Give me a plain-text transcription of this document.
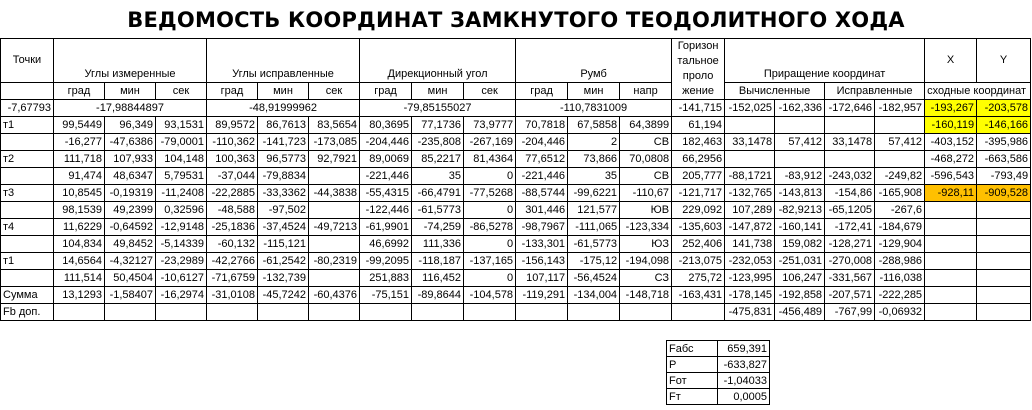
ВЕДОМОСТЬ КООРДИНАТ ЗАМКНУТОГО ТЕОДОЛИТНОГО ХОДА
Точки	Углы измеренные			Углы исправленные			Дирекционный угол			Румб			Горизон
тальное
проло
жение	Приращение координат				X	Y

	град	мин	сек	град	мин	сек	град	мин	сек	град	мин	напр		Вычисленные		Исправленные		сходные координат	
-7,67793	-17,98844897			-48,91999962			-79,85155027			-110,7831009			-141,715	-152,025	-162,336	-172,646	-182,957	-193,267	-203,578
т1	99,5449	96,349	93,1531	89,9572	86,7613	83,5654	80,3695	77,1736	73,9777	70,7818	67,5858	64,3899	61,194					-160,119	-146,166
	-16,277	-47,6386	-79,0001	-110,362	-141,723	-173,085	-204,446	-235,808	-267,169	-204,446	2	СВ	182,463	33,1478	57,412	33,1478	57,412	-403,152	-395,986
т2	111,718	107,933	104,148	100,363	96,5773	92,7921	89,0069	85,2217	81,4364	77,6512	73,866	70,0808	66,2956					-468,272	-663,586
	91,474	48,6347	5,79531	-37,044	-79,8834		-221,446	35	0	-221,446	35	СВ	205,777	-88,1721	-83,912	-243,032	-249,82	-596,543	-793,49
т3	10,8545	-0,19319	-11,2408	-22,2885	-33,3362	-44,3838	-55,4315	-66,4791	-77,5268	-88,5744	-99,6221	-110,67	-121,717	-132,765	-143,813	-154,86	-165,908	-928,11	-909,528
	98,1539	49,2399	0,32596	-48,588	-97,502		-122,446	-61,5773	0	301,446	121,577	ЮВ	229,092	107,289	-82,9213	-65,1205	-267,6		
т4	11,6229	-0,64592	-12,9148	-25,1836	-37,4524	-49,7213	-61,9901	-74,259	-86,5278	-98,7967	-111,065	-123,334	-135,603	-147,872	-160,141	-172,41	-184,679		
	104,834	49,8452	-5,14339	-60,132	-115,121		46,6992	111,336	0	-133,301	-61,5773	ЮЗ	252,406	141,738	159,082	-128,271	-129,904		
т1	14,6564	-4,32127	-23,2989	-42,2766	-61,2542	-80,2319	-99,2095	-118,187	-137,165	-156,143	-175,12	-194,098	-213,075	-232,053	-251,031	-270,008	-288,986		
	111,514	50,4504	-10,6127	-71,6759	-132,739		251,883	116,452	0	107,117	-56,4524	СЗ	275,72	-123,995	106,247	-331,567	-116,038		
Сумма	13,1293	-1,58407	-16,2974	-31,0108	-45,7242	-60,4376	-75,151	-89,8644	-104,578	-119,291	-134,004	-148,718	-163,431	-178,145	-192,858	-207,571	-222,285		
Fb доп.														-475,831	-456,489	-767,99	-0,06932		
Fабс	659,391
P	-633,827
Fот	-1,04033
Fт	0,0005
